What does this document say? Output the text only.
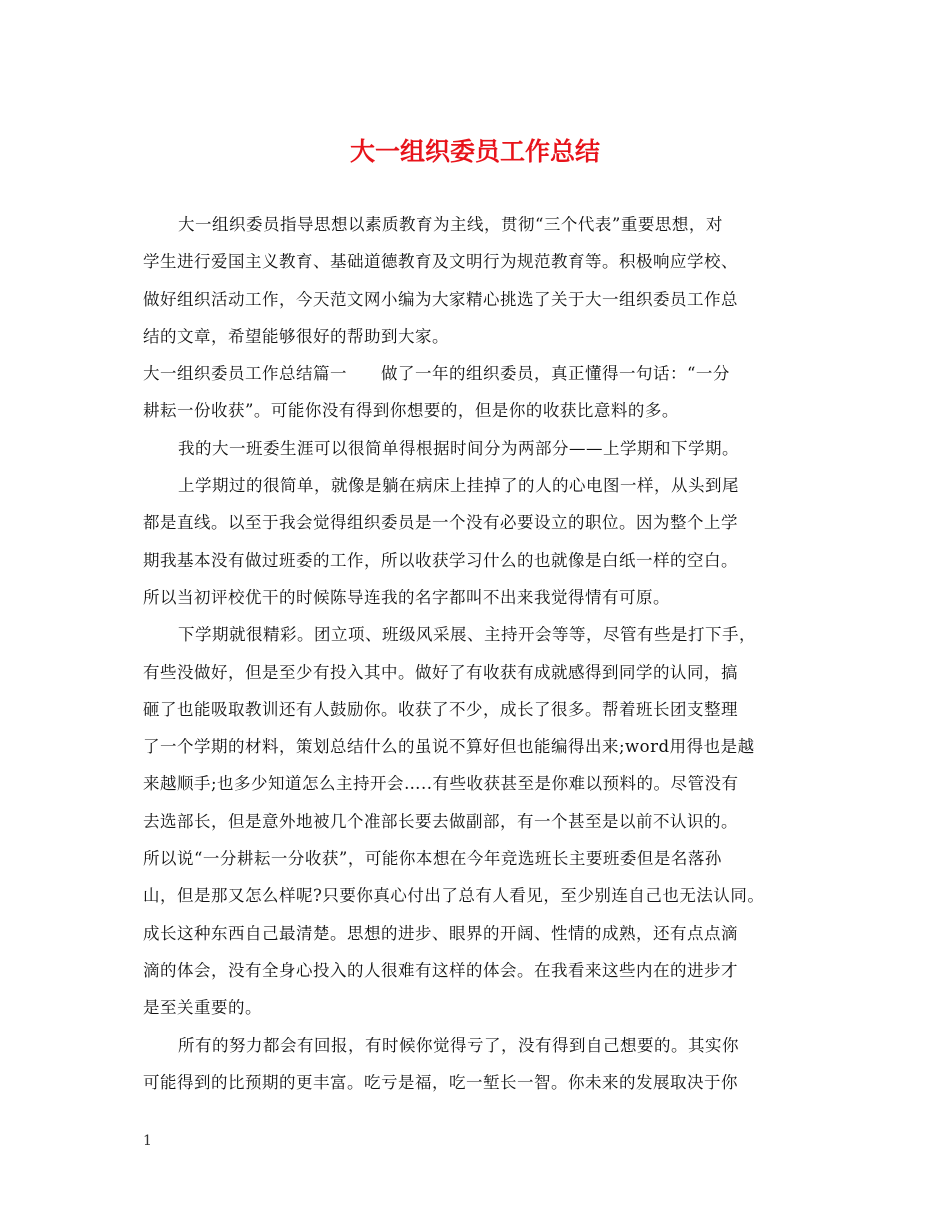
大一组织委员工作总结
大一组织委员指导思想以素质教育为主线，贯彻“三个代表”重要思想，对
学生进行爱国主义教育、基础道德教育及文明行为规范教育等。积极响应学校、
做好组织活动工作，今天范文网小编为大家精心挑选了关于大一组织委员工作总
结的文章，希望能够很好的帮助到大家。
大一组织委员工作总结篇一　　做了一年的组织委员，真正懂得一句话：“一分
耕耘一份收获”。可能你没有得到你想要的，但是你的收获比意料的多。
我的大一班委生涯可以很简单得根据时间分为两部分——上学期和下学期。
上学期过的很简单，就像是躺在病床上挂掉了的人的心电图一样，从头到尾
都是直线。以至于我会觉得组织委员是一个没有必要设立的职位。因为整个上学
期我基本没有做过班委的工作，所以收获学习什么的也就像是白纸一样的空白。
所以当初评校优干的时候陈导连我的名字都叫不出来我觉得情有可原。
下学期就很精彩。团立项、班级风采展、主持开会等等，尽管有些是打下手，
有些没做好，但是至少有投入其中。做好了有收获有成就感得到同学的认同，搞
砸了也能吸取教训还有人鼓励你。收获了不少，成长了很多。帮着班长团支整理
了一个学期的材料，策划总结什么的虽说不算好但也能编得出来;word用得也是越
来越顺手;也多少知道怎么主持开会…..有些收获甚至是你难以预料的。尽管没有
去选部长，但是意外地被几个准部长要去做副部，有一个甚至是以前不认识的。
所以说“一分耕耘一分收获”，可能你本想在今年竞选班长主要班委但是名落孙
山，但是那又怎么样呢?只要你真心付出了总有人看见，至少别连自己也无法认同。
成长这种东西自己最清楚。思想的进步、眼界的开阔、性情的成熟，还有点点滴
滴的体会，没有全身心投入的人很难有这样的体会。在我看来这些内在的进步才
是至关重要的。
所有的努力都会有回报，有时候你觉得亏了，没有得到自己想要的。其实你
可能得到的比预期的更丰富。吃亏是福，吃一堑长一智。你未来的发展取决于你
1
